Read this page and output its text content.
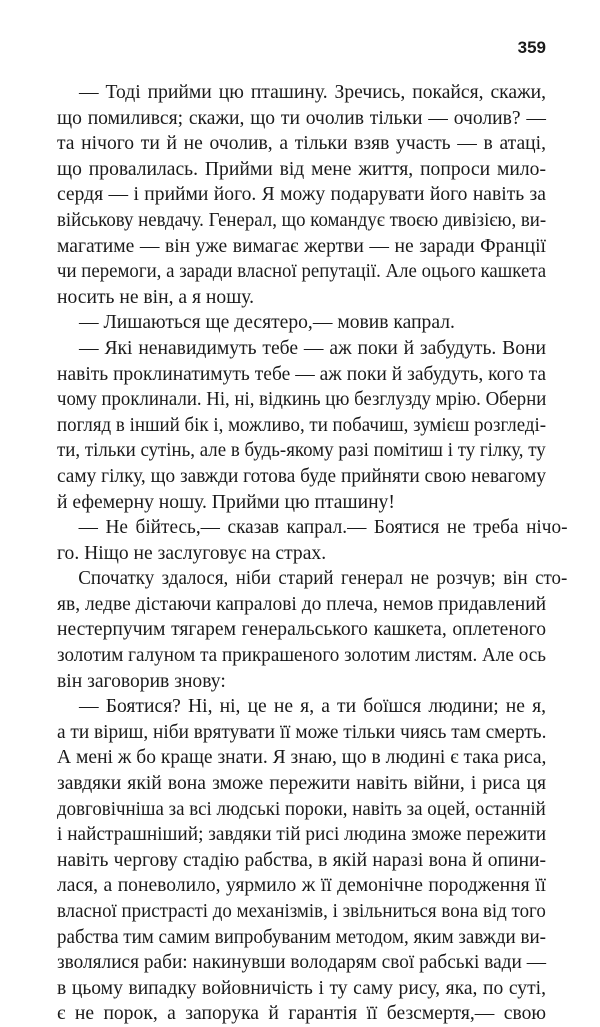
359
— Тоді прийми цю пташину. Зречись, покайся, скажи,
що помилився; скажи, що ти очолив тільки — очолив? —
та нічого ти й не очолив, а тільки взяв участь — в атаці,
що провалилась. Прийми від мене життя, попроси мило-
сердя — і прийми його. Я можу подарувати його навіть за
військову невдачу. Генерал, що командує твоєю дивізією, ви-
магатиме — він уже вимагає жертви — не заради Франції
чи перемоги, а заради власної репутації. Але оцього кашкета
носить не він, а я ношу.
— Лишаються ще десятеро,— мовив капрал.
— Які ненавидимуть тебе — аж поки й забудуть. Вони
навіть проклинатимуть тебе — аж поки й забудуть, кого та
чому проклинали. Ні, ні, відкинь цю безглузду мрію. Оберни
погляд в інший бік і, можливо, ти побачиш, зумієш розгледі-
ти, тільки сутінь, але в будь-якому разі помітиш і ту гілку, ту
саму гілку, що завжди готова буде прийняти свою невагому
й ефемерну ношу. Прийми цю пташину!
— Не бійтесь,— сказав капрал.— Боятися не треба нічо-
го. Ніщо не заслуговує на страх.
Спочатку здалося, ніби старий генерал не розчув; він сто-
яв, ледве дістаючи капралові до плеча, немов придавлений
нестерпучим тягарем генеральського кашкета, оплетеного
золотим галуном та прикрашеного золотим листям. Але ось
він заговорив знову:
— Боятися? Ні, ні, це не я, а ти боїшся людини; не я,
а ти віриш, ніби врятувати її може тільки чиясь там смерть.
А мені ж бо краще знати. Я знаю, що в людині є така риса,
завдяки якій вона зможе пережити навіть війни, і риса ця
довговічніша за всі людські пороки, навіть за оцей, останній
і найстрашніший; завдяки тій рисі людина зможе пережити
навіть чергову стадію рабства, в якій наразі вона й опини-
лася, а поневолило, уярмило ж її демонічне породження її
власної пристрасті до механізмів, і звільниться вона від того
рабства тим самим випробуваним методом, яким завжди ви-
зволялися раби: накинувши володарям свої рабські вади —
в цьому випадку войовничість і ту саму рису, яка, по суті,
є не порок, а запорука й гарантія її безсмертя,— свою
